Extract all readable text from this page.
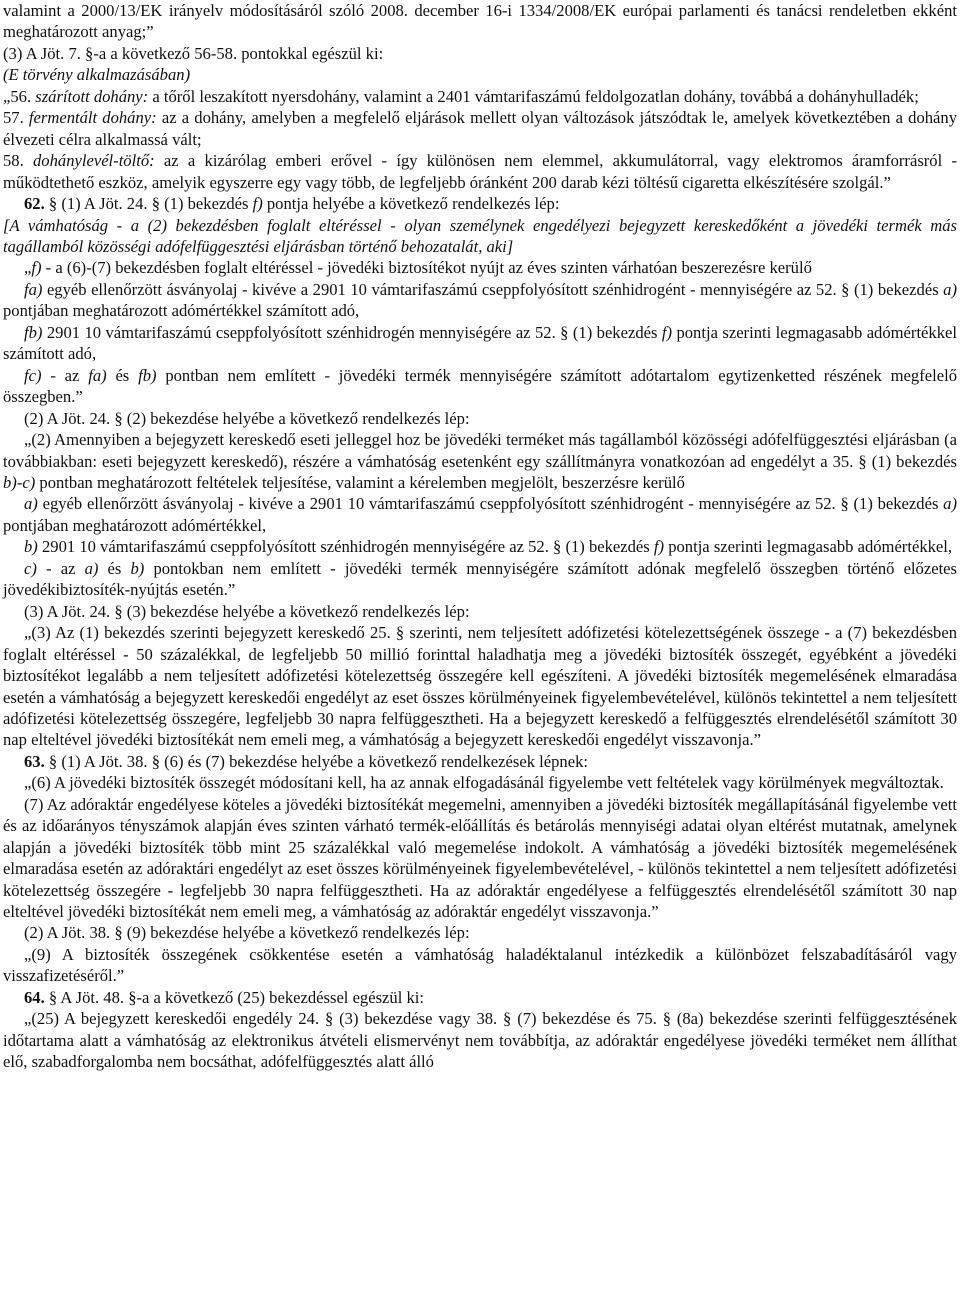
valamint a 2000/13/EK irányelv módosításáról szóló 2008. december 16-i 1334/2008/EK európai parlamenti és tanácsi rendeletben ekként meghatározott anyag;”

(3) A Jöt. 7. §-a a következő 56-58. pontokkal egészül ki:

(E törvény alkalmazásában)

„56. szárított dohány: a tőről leszakított nyersdohány, valamint a 2401 vámtarifaszámú feldolgozatlan dohány, továbbá a dohányhulladék;

57. fermentált dohány: az a dohány, amelyben a megfelelő eljárások mellett olyan változások játszódtak le, amelyek következtében a dohány élvezeti célra alkalmassá vált;

58. dohánylevél-töltő: az a kizárólag emberi erővel - így különösen nem elemmel, akkumulátorral, vagy elektromos áramforrásról - működtethető eszköz, amelyik egyszerre egy vagy több, de legfeljebb óránként 200 darab kézi töltésű cigaretta elkészítésére szolgál.”

62. § (1) A Jöt. 24. § (1) bekezdés f) pontja helyébe a következő rendelkezés lép:

[A vámhatóság - a (2) bekezdésben foglalt eltéréssel - olyan személynek engedélyezi bejegyzett kereskedőként a jövedéki termék más tagállamból közösségi adófelfüggesztési eljárásban történő behozatalát, aki]

„f) - a (6)-(7) bekezdésben foglalt eltéréssel - jövedéki biztosítékot nyújt az éves szinten várhatóan beszerezésre kerülő

fa) egyéb ellenőrzött ásványolaj - kivéve a 2901 10 vámtarifaszámú cseppfolyósított szénhidrogént - mennyiségére az 52. § (1) bekezdés a) pontjában meghatározott adómértékkel számított adó,

fb) 2901 10 vámtarifaszámú cseppfolyósított szénhidrogén mennyiségére az 52. § (1) bekezdés f) pontja szerinti legmagasabb adómértékkel számított adó,

fc) - az fa) és fb) pontban nem említett - jövedéki termék mennyiségére számított adótartalom egytizenketted részének megfelelő összegben.”

(2) A Jöt. 24. § (2) bekezdése helyébe a következő rendelkezés lép:

„(2) Amennyiben a bejegyzett kereskedő eseti jelleggel hoz be jövedéki terméket más tagállamból közösségi adófelfüggesztési eljárásban (a továbbiakban: eseti bejegyzett kereskedő), részére a vámhatóság esetenként egy szállítmányra vonatkozóan ad engedélyt a 35. § (1) bekezdés b)-c) pontban meghatározott feltételek teljesítése, valamint a kérelemben megjelölt, beszerzésre kerülő

a) egyéb ellenőrzött ásványolaj - kivéve a 2901 10 vámtarifaszámú cseppfolyósított szénhidrogént - mennyiségére az 52. § (1) bekezdés a) pontjában meghatározott adómértékkel,

b) 2901 10 vámtarifaszámú cseppfolyósított szénhidrogén mennyiségére az 52. § (1) bekezdés f) pontja szerinti legmagasabb adómértékkel,

c) - az a) és b) pontokban nem említett - jövedéki termék mennyiségére számított adónak megfelelő összegben történő előzetes jövedékibiztosíték-nyújtás esetén.”

(3) A Jöt. 24. § (3) bekezdése helyébe a következő rendelkezés lép:

„(3) Az (1) bekezdés szerinti bejegyzett kereskedő 25. § szerinti, nem teljesített adófizetési kötelezettségének összege - a (7) bekezdésben foglalt eltéréssel - 50 százalékkal, de legfeljebb 50 millió forinttal haladhatja meg a jövedéki biztosíték összegét, egyébként a jövedéki biztosítékot legalább a nem teljesített adófizetési kötelezettség összegére kell egészíteni. A jövedéki biztosíték megemelésének elmaradása esetén a vámhatóság a bejegyzett kereskedői engedélyt az eset összes körülményeinek figyelembevételével, különös tekintettel a nem teljesített adófizetési kötelezettség összegére, legfeljebb 30 napra felfüggesztheti. Ha a bejegyzett kereskedő a felfüggesztés elrendelésétől számított 30 nap elteltével jövedéki biztosítékát nem emeli meg, a vámhatóság a bejegyzett kereskedői engedélyt visszavonja.”

63. § (1) A Jöt. 38. § (6) és (7) bekezdése helyébe a következő rendelkezések lépnek:

„(6) A jövedéki biztosíték összegét módosítani kell, ha az annak elfogadásánál figyelembe vett feltételek vagy körülmények megváltoztak.

(7) Az adóraktár engedélyese köteles a jövedéki biztosítékát megemelni, amennyiben a jövedéki biztosíték megállapításánál figyelembe vett és az időarányos tényszámok alapján éves szinten várható termék-előállítás és betárolás mennyiségi adatai olyan eltérést mutatnak, amelynek alapján a jövedéki biztosíték több mint 25 százalékkal való megemelése indokolt. A vámhatóság a jövedéki biztosíték megemelésének elmaradása esetén az adóraktári engedélyt az eset összes körülményeinek figyelembevételével, - különös tekintettel a nem teljesített adófizetési kötelezettség összegére - legfeljebb 30 napra felfüggesztheti. Ha az adóraktár engedélyese a felfüggesztés elrendelésétől számított 30 nap elteltével jövedéki biztosítékát nem emeli meg, a vámhatóság az adóraktár engedélyt visszavonja.”

(2) A Jöt. 38. § (9) bekezdése helyébe a következő rendelkezés lép:

„(9) A biztosíték összegének csökkentése esetén a vámhatóság haladéktalanul intézkedik a különbözet felszabadításáról vagy visszafizetéséről.”

64. § A Jöt. 48. §-a a következő (25) bekezdéssel egészül ki:

„(25) A bejegyzett kereskedői engedély 24. § (3) bekezdése vagy 38. § (7) bekezdése és 75. § (8a) bekezdése szerinti felfüggesztésének időtartama alatt a vámhatóság az elektronikus átvételi elismervényt nem továbbítja, az adóraktár engedélyese jövedéki terméket nem állíthat elő, szabadforgalomba nem bocsáthat, adófelfüggesztés alatt álló
